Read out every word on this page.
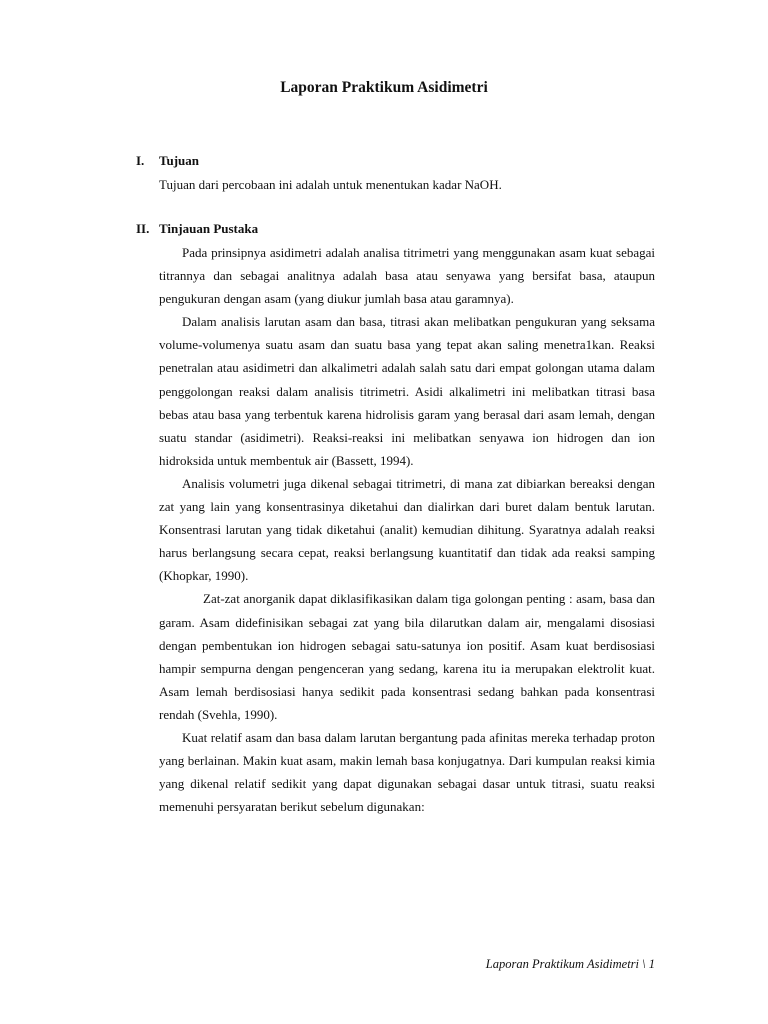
Laporan Praktikum Asidimetri
I. Tujuan
Tujuan dari percobaan ini adalah untuk menentukan kadar NaOH.
II. Tinjauan Pustaka

Pada prinsipnya asidimetri adalah analisa titrimetri yang menggunakan asam kuat sebagai titrannya dan sebagai analitnya adalah basa atau senyawa yang bersifat basa, ataupun pengukuran dengan asam (yang diukur jumlah basa atau garamnya).

Dalam analisis larutan asam dan basa, titrasi akan melibatkan pengukuran yang seksama volume-volumenya suatu asam dan suatu basa yang tepat akan saling menetra1kan. Reaksi penetralan atau asidimetri dan alkalimetri adalah salah satu dari empat golongan utama dalam penggolongan reaksi dalam analisis titrimetri. Asidi alkalimetri ini melibatkan titrasi basa bebas atau basa yang terbentuk karena hidrolisis garam yang berasal dari asam lemah, dengan suatu standar (asidimetri). Reaksi-reaksi ini melibatkan senyawa ion hidrogen dan ion hidroksida untuk membentuk air (Bassett, 1994).

Analisis volumetri juga dikenal sebagai titrimetri, di mana zat dibiarkan bereaksi dengan zat yang lain yang konsentrasinya diketahui dan dialirkan dari buret dalam bentuk larutan. Konsentrasi larutan yang tidak diketahui (analit) kemudian dihitung. Syaratnya adalah reaksi harus berlangsung secara cepat, reaksi berlangsung kuantitatif dan tidak ada reaksi samping (Khopkar, 1990).

Zat-zat anorganik dapat diklasifikasikan dalam tiga golongan penting : asam, basa dan garam. Asam didefinisikan sebagai zat yang bila dilarutkan dalam air, mengalami disosiasi dengan pembentukan ion hidrogen sebagai satu-satunya ion positif. Asam kuat berdisosiasi hampir sempurna dengan pengenceran yang sedang, karena itu ia merupakan elektrolit kuat. Asam lemah berdisosiasi hanya sedikit pada konsentrasi sedang bahkan pada konsentrasi rendah (Svehla, 1990).

Kuat relatif asam dan basa dalam larutan bergantung pada afinitas mereka terhadap proton yang berlainan. Makin kuat asam, makin lemah basa konjugatnya. Dari kumpulan reaksi kimia yang dikenal relatif sedikit yang dapat digunakan sebagai dasar untuk titrasi, suatu reaksi memenuhi persyaratan berikut sebelum digunakan:

Laporan Praktikum Asidimetri \ 1
